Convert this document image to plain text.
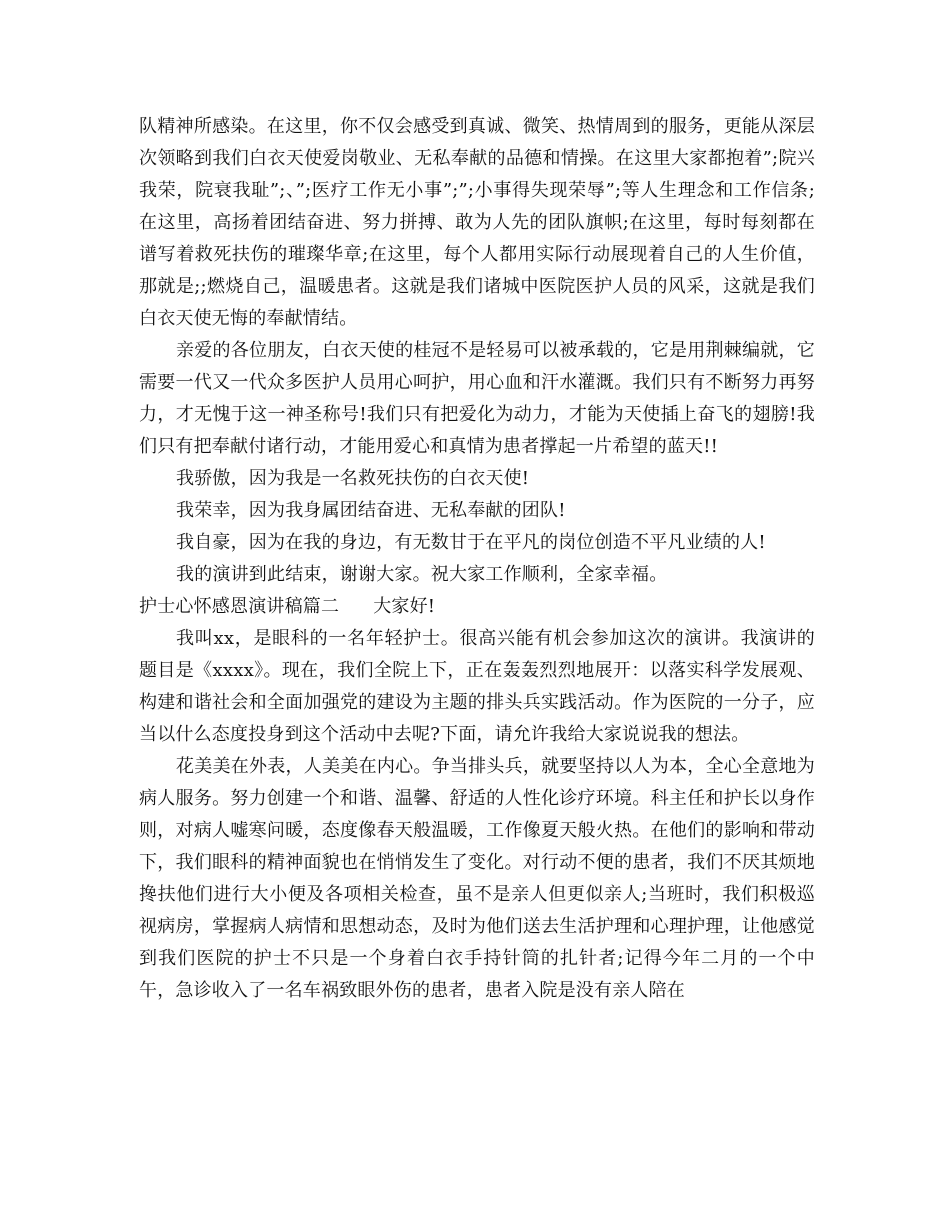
队精神所感染。在这里，你不仅会感受到真诚、微笑、热情周到的服务，更能从深层次领略到我们白衣天使爱岗敬业、无私奉献的品德和情操。在这里大家都抱着”;院兴我荣，院衰我耻”;、”;医疗工作无小事”;”;小事得失现荣辱”;等人生理念和工作信条;在这里，高扬着团结奋进、努力拼搏、敢为人先的团队旗帜;在这里，每时每刻都在谱写着救死扶伤的璀璨华章;在这里，每个人都用实际行动展现着自己的人生价值，那就是;;燃烧自己，温暖患者。这就是我们诸城中医院医护人员的风采，这就是我们白衣天使无悔的奉献情结。

亲爱的各位朋友，白衣天使的桂冠不是轻易可以被承载的，它是用荆棘编就，它需要一代又一代众多医护人员用心呵护，用心血和汗水灌溉。我们只有不断努力再努力，才无愧于这一神圣称号!我们只有把爱化为动力，才能为天使插上奋飞的翅膀!我们只有把奉献付诸行动，才能用爱心和真情为患者撑起一片希望的蓝天!!

我骄傲，因为我是一名救死扶伤的白衣天使!

我荣幸，因为我身属团结奋进、无私奉献的团队!

我自豪，因为在我的身边，有无数甘于在平凡的岗位创造不平凡业绩的人!

我的演讲到此结束，谢谢大家。祝大家工作顺利，全家幸福。

护士心怀感恩演讲稿篇二 大家好!

我叫xx，是眼科的一名年轻护士。很高兴能有机会参加这次的演讲。我演讲的题目是《xxxx》。现在，我们全院上下，正在轰轰烈烈地展开：以落实科学发展观、构建和谐社会和全面加强党的建设为主题的排头兵实践活动。作为医院的一分子，应当以什么态度投身到这个活动中去呢?下面，请允许我给大家说说我的想法。

花美美在外表，人美美在内心。争当排头兵，就要坚持以人为本，全心全意地为病人服务。努力创建一个和谐、温馨、舒适的人性化诊疗环境。科主任和护长以身作则，对病人嘘寒问暖，态度像春天般温暖，工作像夏天般火热。在他们的影响和带动下，我们眼科的精神面貌也在悄悄发生了变化。对行动不便的患者，我们不厌其烦地搀扶他们进行大小便及各项相关检查，虽不是亲人但更似亲人;当班时，我们积极巡视病房，掌握病人病情和思想动态，及时为他们送去生活护理和心理护理，让他感觉到我们医院的护士不只是一个身着白衣手持针筒的扎针者;记得今年二月的一个中午，急诊收入了一名车祸致眼外伤的患者，患者入院是没有亲人陪在
